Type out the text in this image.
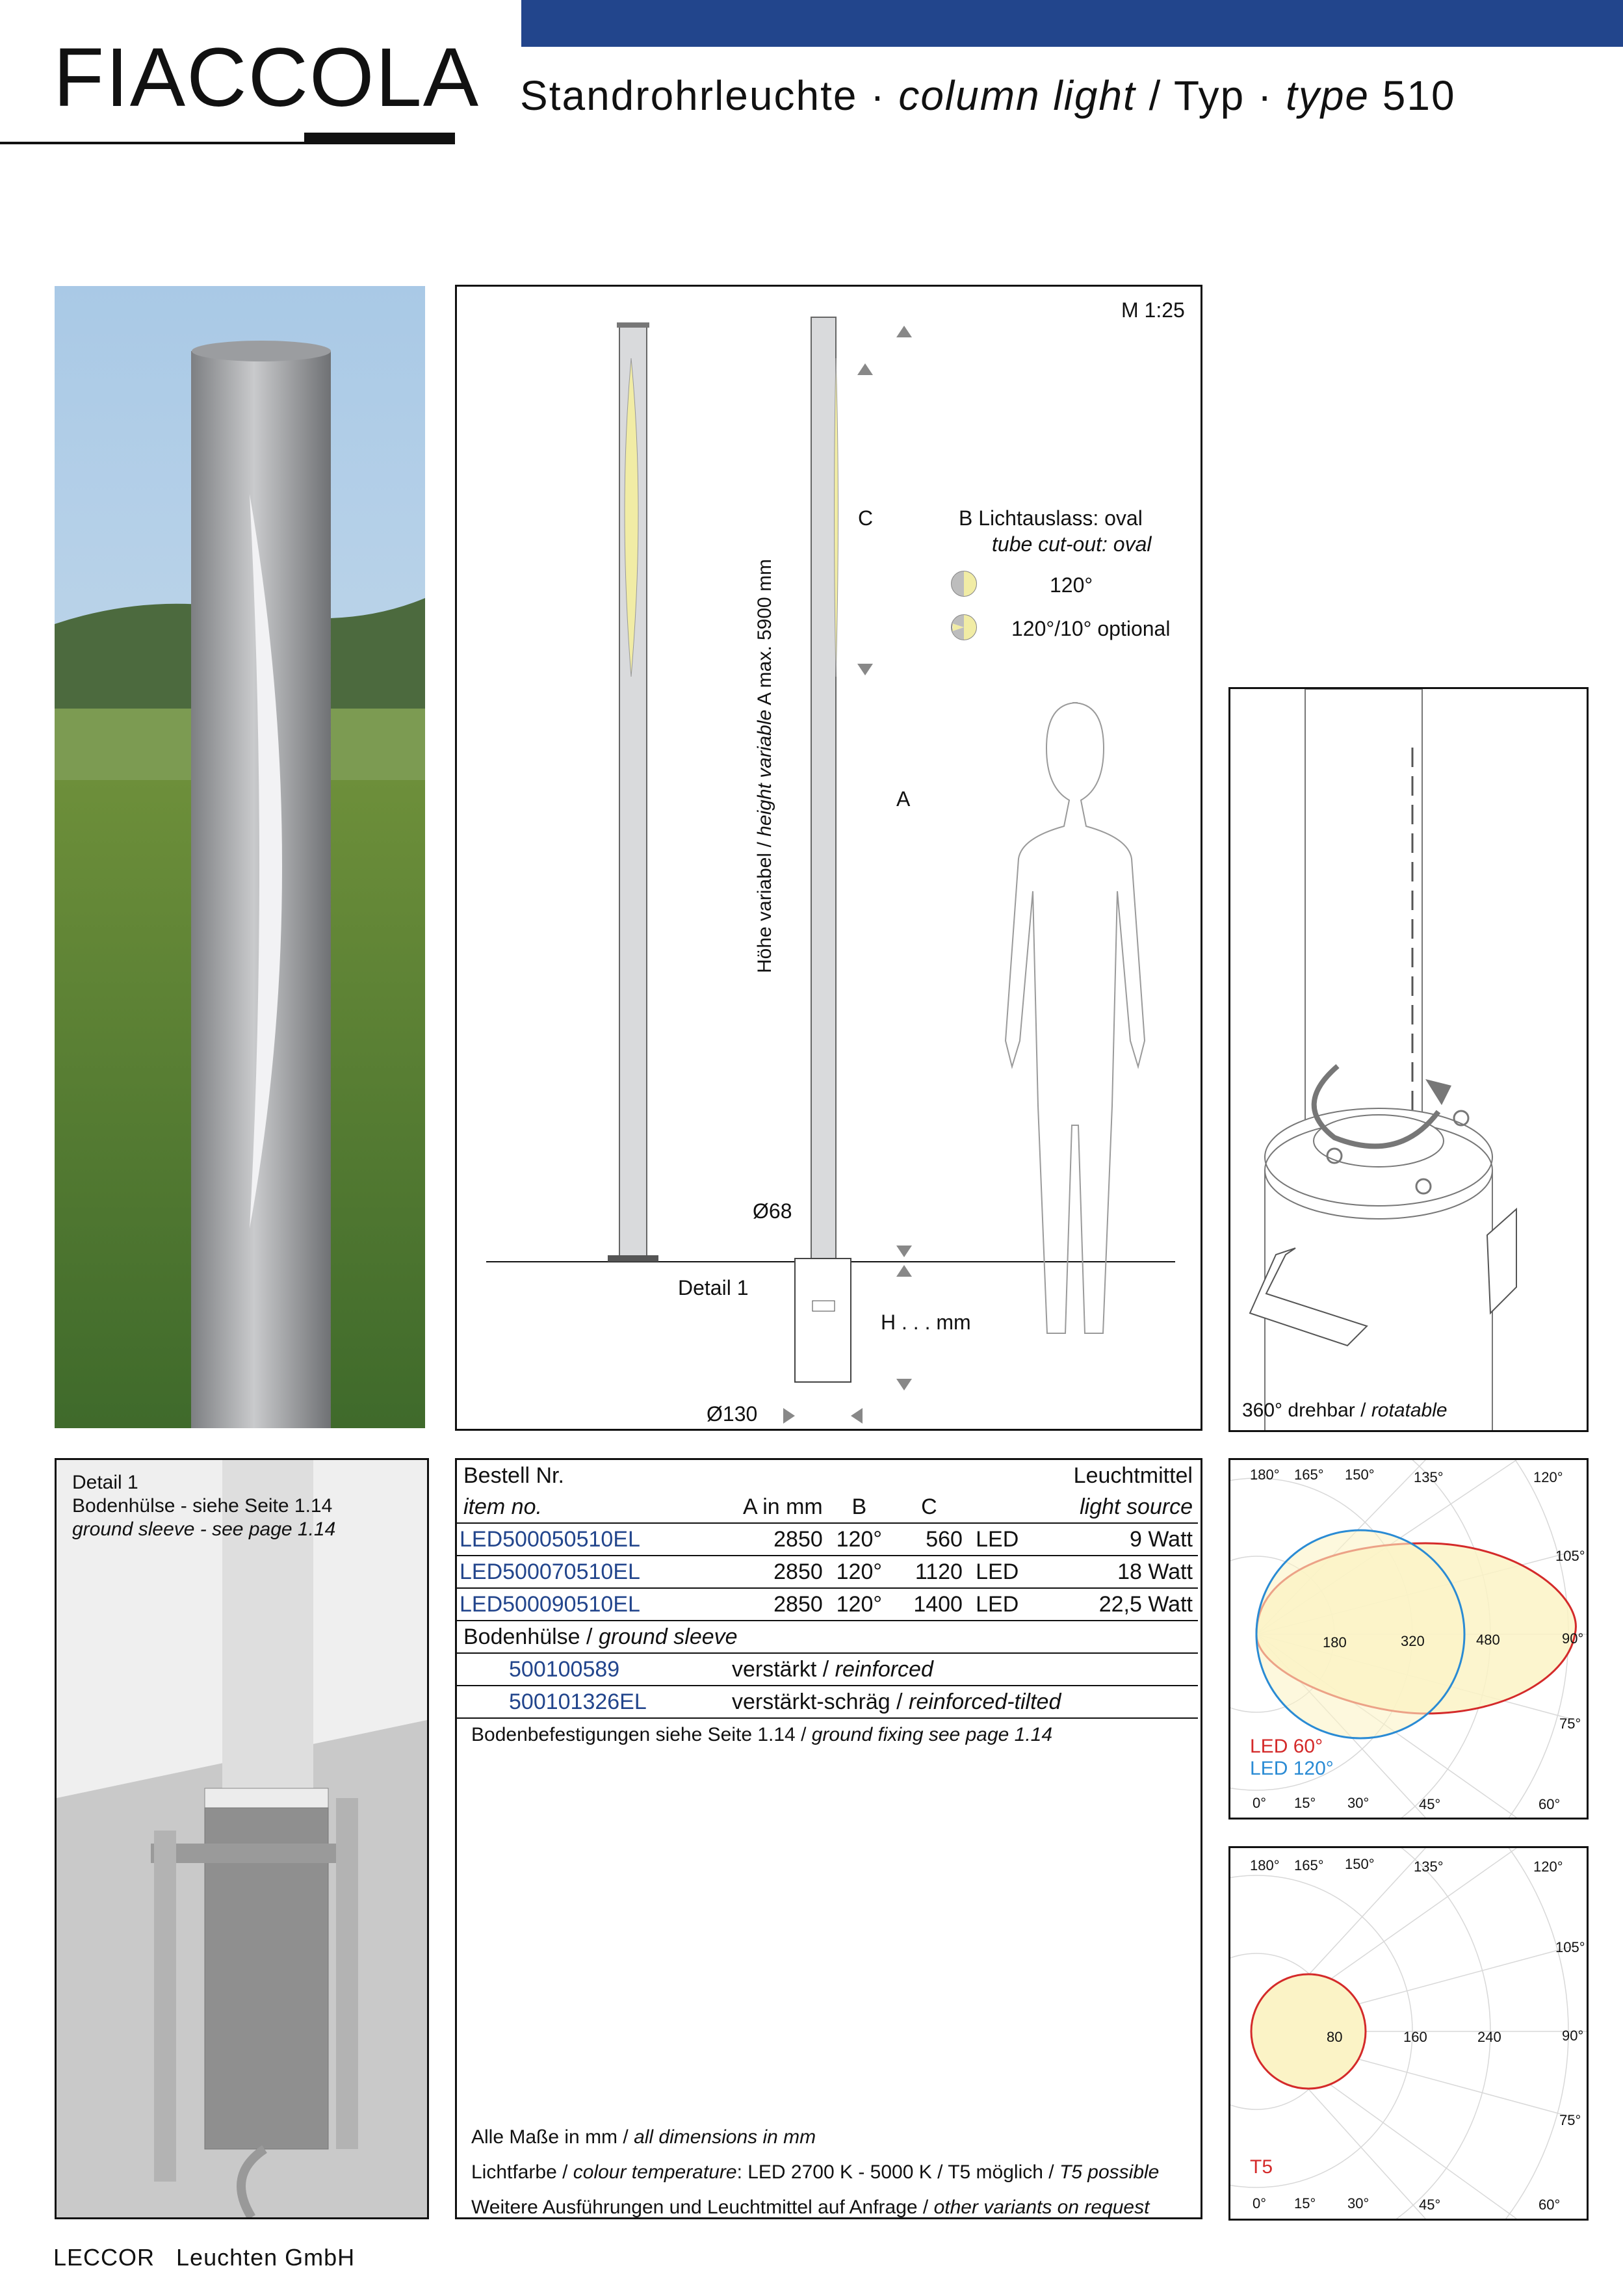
FIACCOLA Standrohrleuchte · column light / Typ · type 510
M 1:25
Höhe variabel / height variable A max. 5900 mm
C
A
B Lichtauslass: oval
tube cut-out: oval
120°
120°/10° optional
Ø68
Detail 1
H . . . mm
Ø130	360° drehbar / rotatable
Detail 1
Bodenhülse - siehe Seite 1.14
ground sleeve - see page 1.14
Bestell Nr.					Leuchtmittel
item no.	A in mm	B	C		light source
LED500050510EL	2850	120°	560	LED	9 Watt
LED500070510EL	2850	120°	1120	LED	18 Watt
LED500090510EL	2850	120°	1400	LED	22,5 Watt
Bodenhülse / ground sleeve					
500100589	verstärkt / reinforced				
500101326EL	verstärkt-schräg / reinforced-tilted				
Bodenbefestigungen siehe Seite 1.14 / ground fixing see page 1.14
Alle Maße in mm / all dimensions in mm
Lichtfarbe / colour temperature: LED 2700 K - 5000 K / T5 möglich / T5 possible
Weitere Ausführungen und Leuchtmittel auf Anfrage / other variants on request
180° 165° 150°	135°	120°
105°
90°
75°
180	320	480
LED 60°
LED 120°
0° 15° 30°	45°	60°
180° 165° 150°	135°	120°
105°
90°
75°
80	160	240
T5
0° 15° 30°	45°	60°
LECCOR   Leuchten GmbH
